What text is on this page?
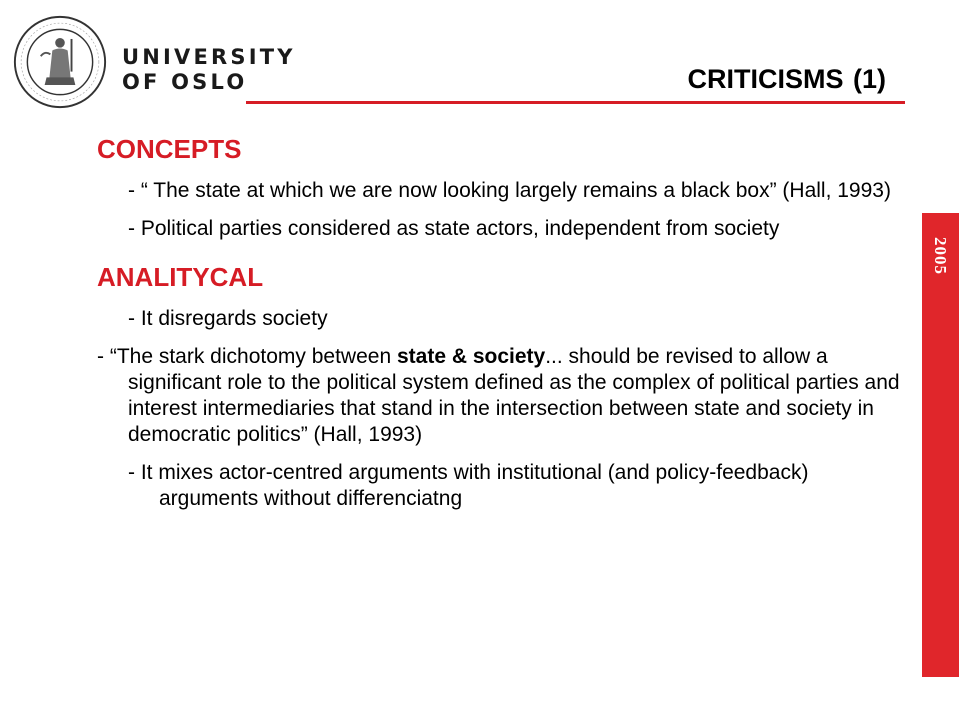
UNIVERSITY
OF OSLO	CRITICISMS (1)
2005

CONCEPTS

- “ The state at which we are now looking largely remains a black box” (Hall, 1993)

- Political parties considered as state actors, independent from society

ANALITYCAL

- It disregards society

- “The stark dichotomy between state & society... should be revised to allow a significant role to the political system defined as the complex of political parties and interest intermediaries that stand in the intersection between state and society in democratic politics” (Hall, 1993)

- It mixes actor-centred arguments with institutional (and policy-feedback) arguments without differenciatng
